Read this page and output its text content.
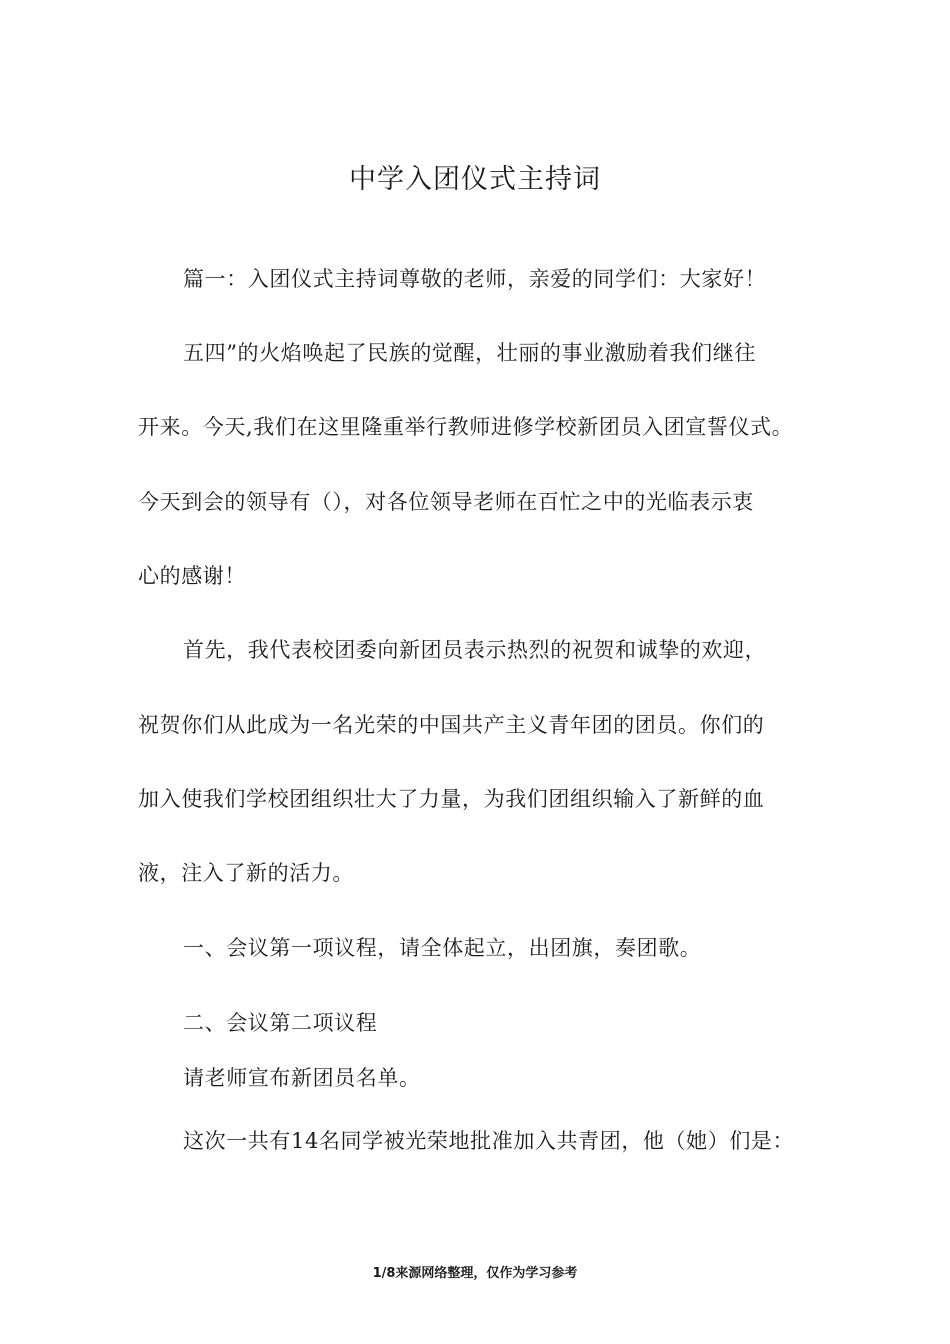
中学入团仪式主持词
篇一：入团仪式主持词尊敬的老师，亲爱的同学们：大家好！
五四”的火焰唤起了民族的觉醒，壮丽的事业激励着我们继往
开来。今天,我们在这里隆重举行教师进修学校新团员入团宣誓仪式。
今天到会的领导有（），对各位领导老师在百忙之中的光临表示衷
心的感谢！
首先，我代表校团委向新团员表示热烈的祝贺和诚挚的欢迎，
祝贺你们从此成为一名光荣的中国共产主义青年团的团员。你们的
加入使我们学校团组织壮大了力量，为我们团组织输入了新鲜的血
液，注入了新的活力。
一、会议第一项议程，请全体起立，出团旗，奏团歌。
二、会议第二项议程
请老师宣布新团员名单。
这次一共有14名同学被光荣地批准加入共青团，他（她）们是：
1/8来源网络整理，仅作为学习参考
